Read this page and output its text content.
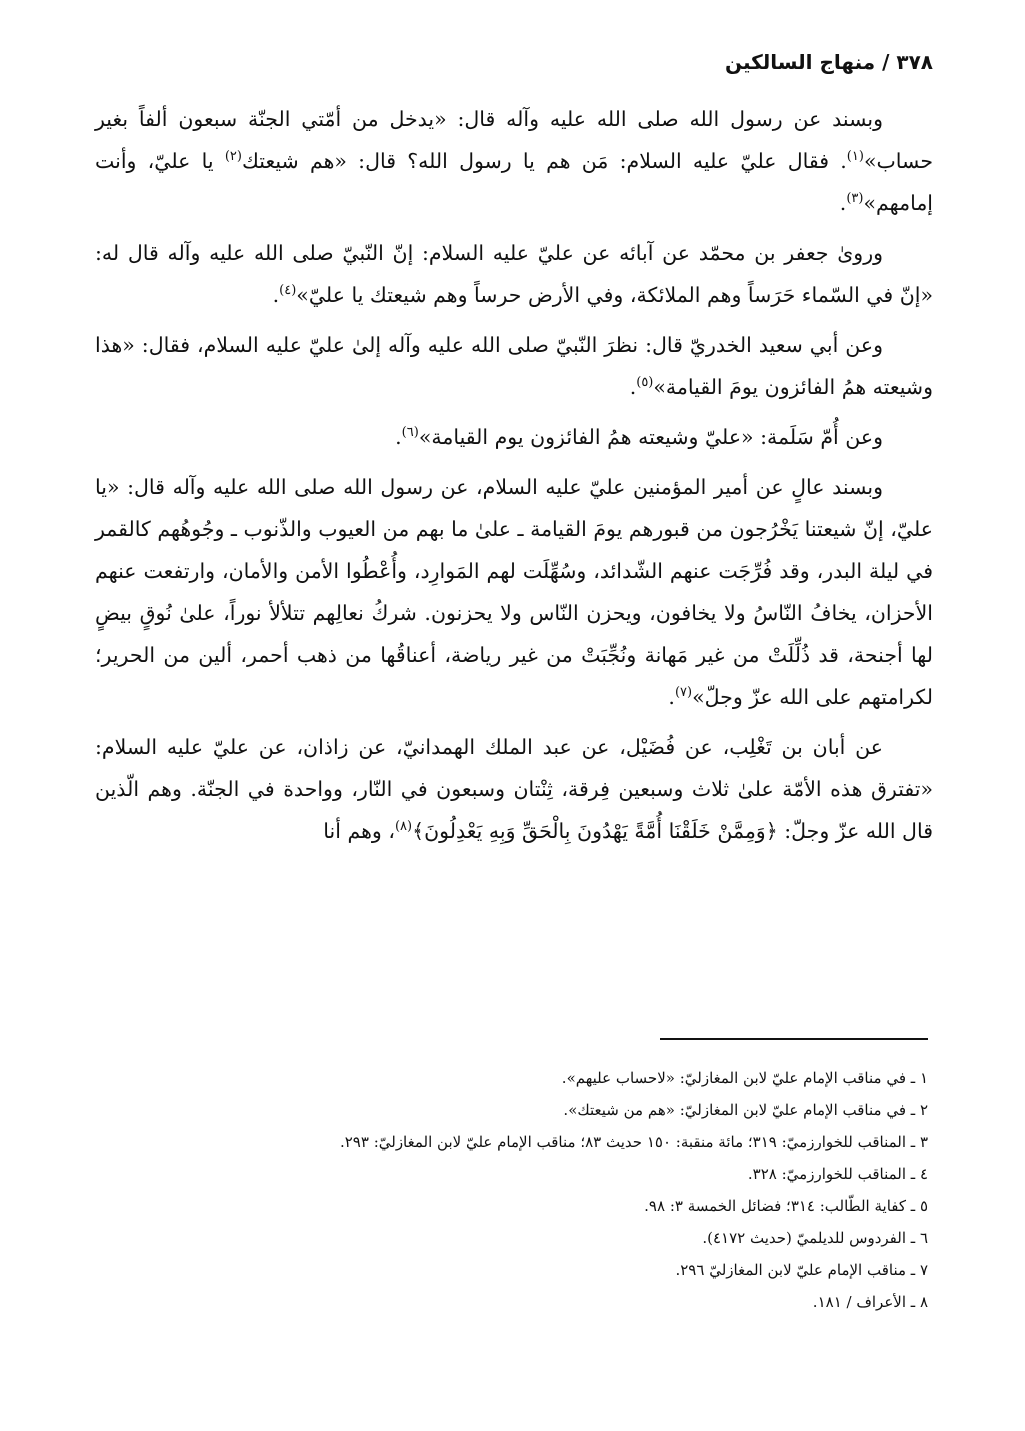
٣٧٨ / منهاج السالكين

وبسند عن رسول الله صلى الله عليه وآله قال: «يدخل من أمّتي الجنّة سبعون ألفاً بغير حساب»$^{(١)}$. فقال عليّ عليه السلام: مَن هم يا رسول الله؟ قال: «هم شيعتك$^{(٢)}$ يا عليّ، وأنت إمامهم»$^{(٣)}$.

وروىٰ جعفر بن محمّد عن آبائه عن عليّ عليه السلام: إنّ النّبيّ صلى الله عليه وآله قال له: «إنّ في السّماء حَرَساً وهم الملائكة، وفي الأرض حرساً وهم شيعتك يا عليّ»$^{(٤)}$.

وعن أبي سعيد الخدريّ قال: نظرَ النّبيّ صلى الله عليه وآله إلىٰ عليّ عليه السلام، فقال: «هذا وشيعته همُ الفائزون يومَ القيامة»$^{(٥)}$.

وعن أُمّ سَلَمة: «عليّ وشيعته همُ الفائزون يوم القيامة»$^{(٦)}$.

وبسند عالٍ عن أمير المؤمنين عليّ عليه السلام، عن رسول الله صلى الله عليه وآله قال: «يا عليّ، إنّ شيعتنا يَخْرُجون من قبورهم يومَ القيامة ـ علىٰ ما بهم من العيوب والذّنوب ـ وجُوهُهم كالقمر في ليلة البدر، وقد فُرِّجَت عنهم الشّدائد، وسُهِّلَت لهم المَوارِد، وأُعْطُوا الأمن والأمان، وارتفعت عنهم الأحزان، يخافُ النّاسُ ولا يخافون، ويحزن النّاس ولا يحزنون. شركُ نعالِهم تتلألأ نوراً، علىٰ نُوقٍ بيضٍ لها أجنحة، قد ذُلِّلَتْ من غير مَهانة ونُجِّبَتْ من غير رياضة، أعناقُها من ذهب أحمر، ألين من الحرير؛ لكرامتهم على الله عزّ وجلّ»$^{(٧)}$.

عن أبان بن تَغْلِب، عن فُضَيْل، عن عبد الملك الهمدانيّ، عن زاذان، عن عليّ عليه السلام: «تفترق هذه الأمّة علىٰ ثلاث وسبعين فِرقة، ثِنْتان وسبعون في النّار، وواحدة في الجنّة. وهم الّذين قال الله عزّ وجلّ: ﴿وَمِمَّنْ خَلَقْنَا أُمَّةً يَهْدُونَ بِالْحَقِّ وَبِهِ يَعْدِلُونَ﴾$^{(٨)}$، وهم أنا

١ ـ في مناقب الإمام عليّ لابن المغازليّ: «لاحساب عليهم».

٢ ـ في مناقب الإمام عليّ لابن المغازليّ: «هم من شيعتك».

٣ ـ المناقب للخوارزميّ: ٣١٩؛ مائة منقبة: ١٥٠ حديث ٨٣؛ مناقب الإمام عليّ لابن المغازليّ: ٢٩٣.

٤ ـ المناقب للخوارزميّ: ٣٢٨.

٥ ـ كفاية الطّالب: ٣١٤؛ فضائل الخمسة ٣: ٩٨.

٦ ـ الفردوس للديلميّ (حديث ٤١٧٢).

٧ ـ مناقب الإمام عليّ لابن المغازليّ ٢٩٦.

٨ ـ الأعراف / ١٨١.
